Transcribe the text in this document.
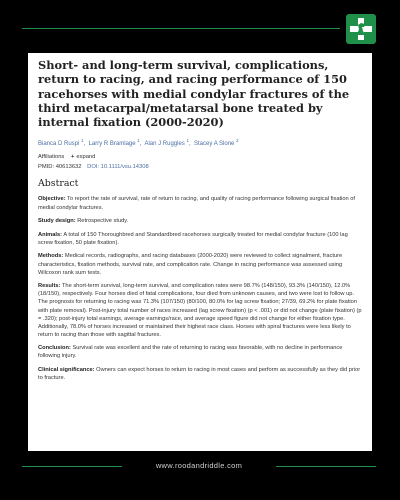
Short- and long-term survival, complications, return to racing, and racing performance of 150 racehorses with medial condylar fractures of the third metacarpal/metatarsal bone treated by internal fixation (2000-2020)
Bianca D Ruspi $^1$,  Larry R Bramlage $^1$,  Alan J Ruggles $^1$,  Stacey A Slone $^2$
Affiliations + expand
PMID: 40613632 DOI: 10.1111/vsu.14308
Abstract

Objective: To report the rate of survival, rate of return to racing, and quality of racing performance following surgical fixation of medial condylar fractures.

Study design: Retrospective study.

Animals: A total of 150 Thoroughbred and Standardbred racehorses surgically treated for medial condylar fracture (100 lag screw fixation, 50 plate fixation).

Methods: Medical records, radiographs, and racing databases (2000-2020) were reviewed to collect signalment, fracture characteristics, fixation methods, survival rate, and complication rate. Change in racing performance was assessed using Wilcoxon rank sum tests.

Results: The short-term survival, long-term survival, and complication rates were 98.7% (148/150), 93.3% (140/150), 12.0% (18/150), respectively. Four horses died of fatal complications, four died from unknown causes, and two were lost to follow up. The prognosis for returning to racing was 71.3% (107/150) (80/100, 80.0% for lag screw fixation; 27/39, 69.2% for plate fixation with plate removal). Post-injury total number of races increased (lag screw fixation) (p < .001) or did not change (plate fixation) (p = .320); post-injury total earnings, average earnings/race, and average speed figure did not change for either fixation type. Additionally, 78.0% of horses increased or maintained their highest race class. Horses with spiral fractures were less likely to return to racing than those with sagittal fractures.

Conclusion: Survival rate was excellent and the rate of returning to racing was favorable, with no decline in performance following injury.

Clinical significance: Owners can expect horses to return to racing in most cases and perform as successfully as they did prior to fracture.

www.roodandriddle.com
